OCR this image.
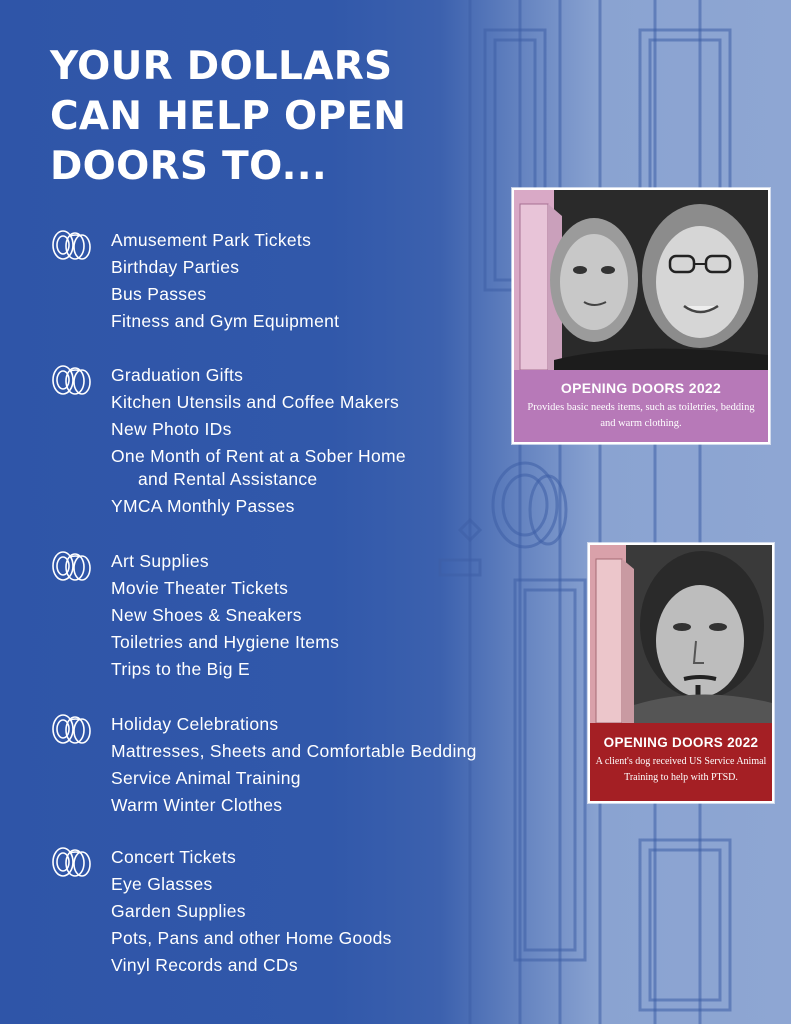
YOUR DOLLARS
CAN HELP OPEN
DOORS TO...
Amusement Park Tickets
Birthday Parties
Bus Passes
Fitness and Gym Equipment
Graduation Gifts
Kitchen Utensils and Coffee Makers
New Photo IDs
One Month of Rent at a Sober Home
and Rental Assistance
YMCA Monthly Passes
Art Supplies
Movie Theater Tickets
New Shoes & Sneakers
Toiletries and Hygiene Items
Trips to the Big E
Holiday Celebrations
Mattresses, Sheets and Comfortable Bedding
Service Animal Training
Warm Winter Clothes
Concert Tickets
Eye Glasses
Garden Supplies
Pots, Pans and other Home Goods
Vinyl Records and CDs
OPENING DOORS 2022
Provides basic needs items, such as toiletries, bedding
and warm clothing.
OPENING DOORS 2022
A client's dog received US Service Animal
Training to help with PTSD.
